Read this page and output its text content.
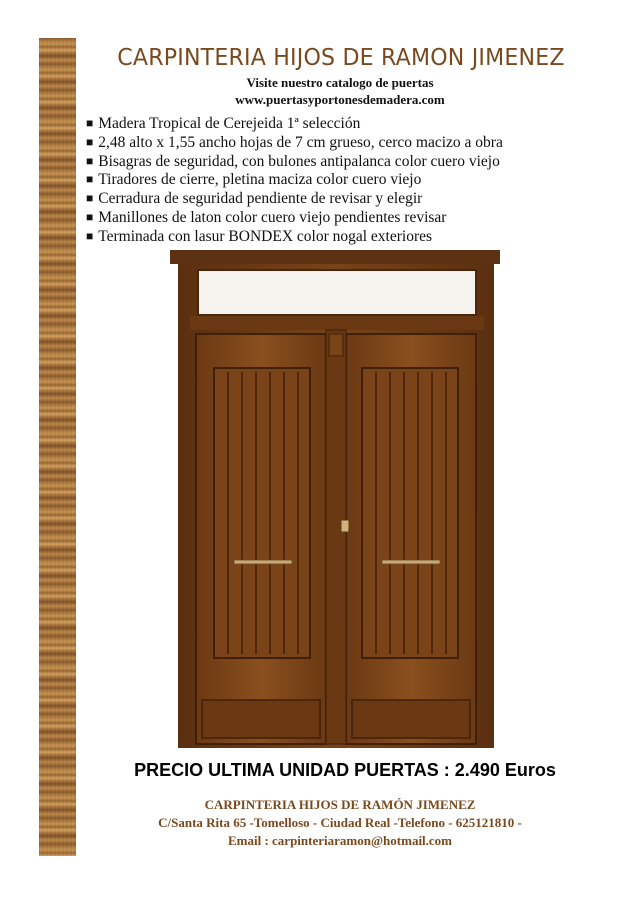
CARPINTERIA HIJOS DE RAMON JIMENEZ
Visite nuestro catalogo de puertas
www.puertasyportonesdemadera.com
■ Madera Tropical de Cerejeida 1ª selección
■ 2,48 alto x 1,55 ancho hojas de 7 cm grueso, cerco macizo a obra
■ Bisagras de seguridad, con bulones antipalanca color cuero viejo
■ Tiradores de cierre, pletina maciza color cuero viejo
■ Cerradura de seguridad pendiente de revisar y elegir
■ Manillones de laton color cuero viejo pendientes revisar
■ Terminada con lasur BONDEX color nogal exteriores
PRECIO ULTIMA UNIDAD PUERTAS : 2.490 Euros
CARPINTERIA HIJOS DE RAMÓN JIMENEZ
C/Santa Rita 65 -Tomelloso - Ciudad Real -Telefono - 625121810 -
Email : carpinteriaramon@hotmail.com
